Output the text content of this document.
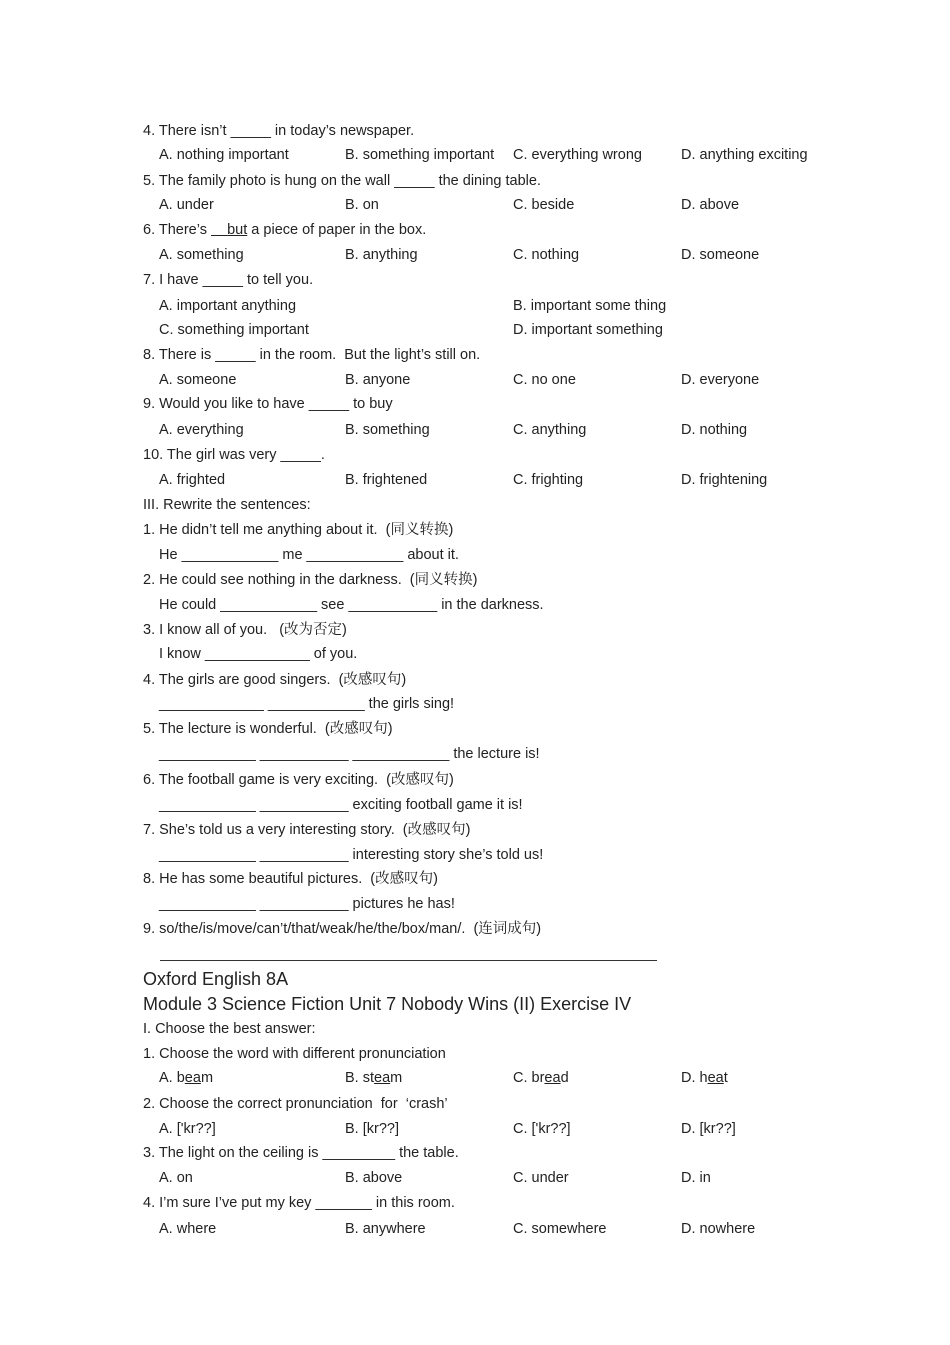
4. There isn’t _____ in today’s newspaper.
A. nothing important	B. something important C. everything wrong	D. anything exciting
5. The family photo is hung on the wall _____ the dining table.
A. under	B. on	C. beside	D. above
6. There’s     but a piece of paper in the box.
A. something	B. anything	C. nothing	D. someone
7. I have _____ to tell you.
A. important anything	B. important some thing
C. something important	D. important something
8. There is _____ in the room.  But the light’s still on.
A. someone	B. anyone	C. no one	D. everyone
9. Would you like to have _____ to buy
A. everything	B. something	C. anything	D. nothing
10. The girl was very _____.
A. frighted	B. frightened	C. frighting	D. frightening
III. Rewrite the sentences:
1. He didn’t tell me anything about it.  (同义转换)
He ____________ me ____________ about it.
2. He could see nothing in the darkness.  (同义转换)
He could ____________ see ___________ in the darkness.
3. I know all of you.   (改为否定)
I know _____________ of you.
4. The girls are good singers.  (改感叹句)
_____________ ____________ the girls sing!
5. The lecture is wonderful.  (改感叹句)
____________ ___________ ____________ the lecture is!
6. The football game is very exciting.  (改感叹句)
____________ ___________ exciting football game it is!
7. She’s told us a very interesting story.  (改感叹句)
____________ ___________ interesting story she’s told us!
8. He has some beautiful pictures.  (改感叹句)
____________ ___________ pictures he has!
9. so/the/is/move/can’t/that/weak/he/the/box/man/.  (连词成句)
Oxford English 8A
Module 3 Science Fiction Unit 7 Nobody Wins (II) Exercise IV
I. Choose the best answer:
1. Choose the word with different pronunciation
A. beam	B. steam	C. bread	D. heat
2. Choose the correct pronunciation  for  ‘crash’
A. ['kr??]	B. [kr??]	C. ['kr??]	D. [kr??]
3. The light on the ceiling is _________ the table.
A. on	B. above	C. under	D. in
4. I’m sure I’ve put my key _______ in this room.
A. where	B. anywhere	C. somewhere	D. nowhere
